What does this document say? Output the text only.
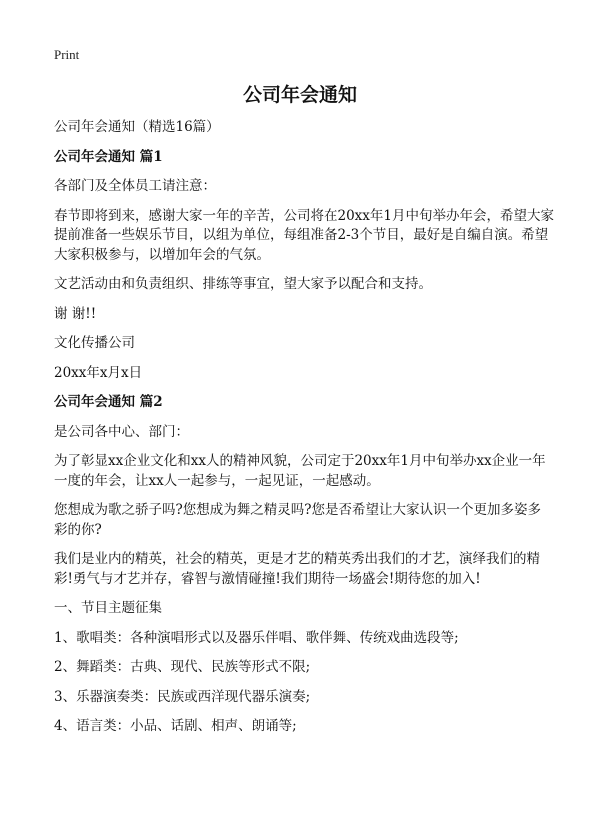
Print
公司年会通知

公司年会通知（精选16篇）

公司年会通知 篇1

各部门及全体员工请注意：

春节即将到来，感谢大家一年的辛苦，公司将在20xx年1月中旬举办年会，希望大家提前准备一些娱乐节目，以组为单位，每组准备2-3个节目，最好是自编自演。希望大家积极参与，以增加年会的气氛。

文艺活动由和负责组织、排练等事宜，望大家予以配合和支持。

谢 谢!!

文化传播公司

20xx年x月x日

公司年会通知 篇2

是公司各中心、部门：

为了彰显xx企业文化和xx人的精神风貌，公司定于20xx年1月中旬举办xx企业一年一度的年会，让xx人一起参与，一起见证，一起感动。

您想成为歌之骄子吗?您想成为舞之精灵吗?您是否希望让大家认识一个更加多姿多彩的你?

我们是业内的精英，社会的精英，更是才艺的精英秀出我们的才艺，演绎我们的精彩!勇气与才艺并存，睿智与激情碰撞!我们期待一场盛会!期待您的加入!

一、节目主题征集

1、歌唱类：各种演唱形式以及器乐伴唱、歌伴舞、传统戏曲选段等;

2、舞蹈类：古典、现代、民族等形式不限;

3、乐器演奏类：民族或西洋现代器乐演奏;

4、语言类：小品、话剧、相声、朗诵等;
